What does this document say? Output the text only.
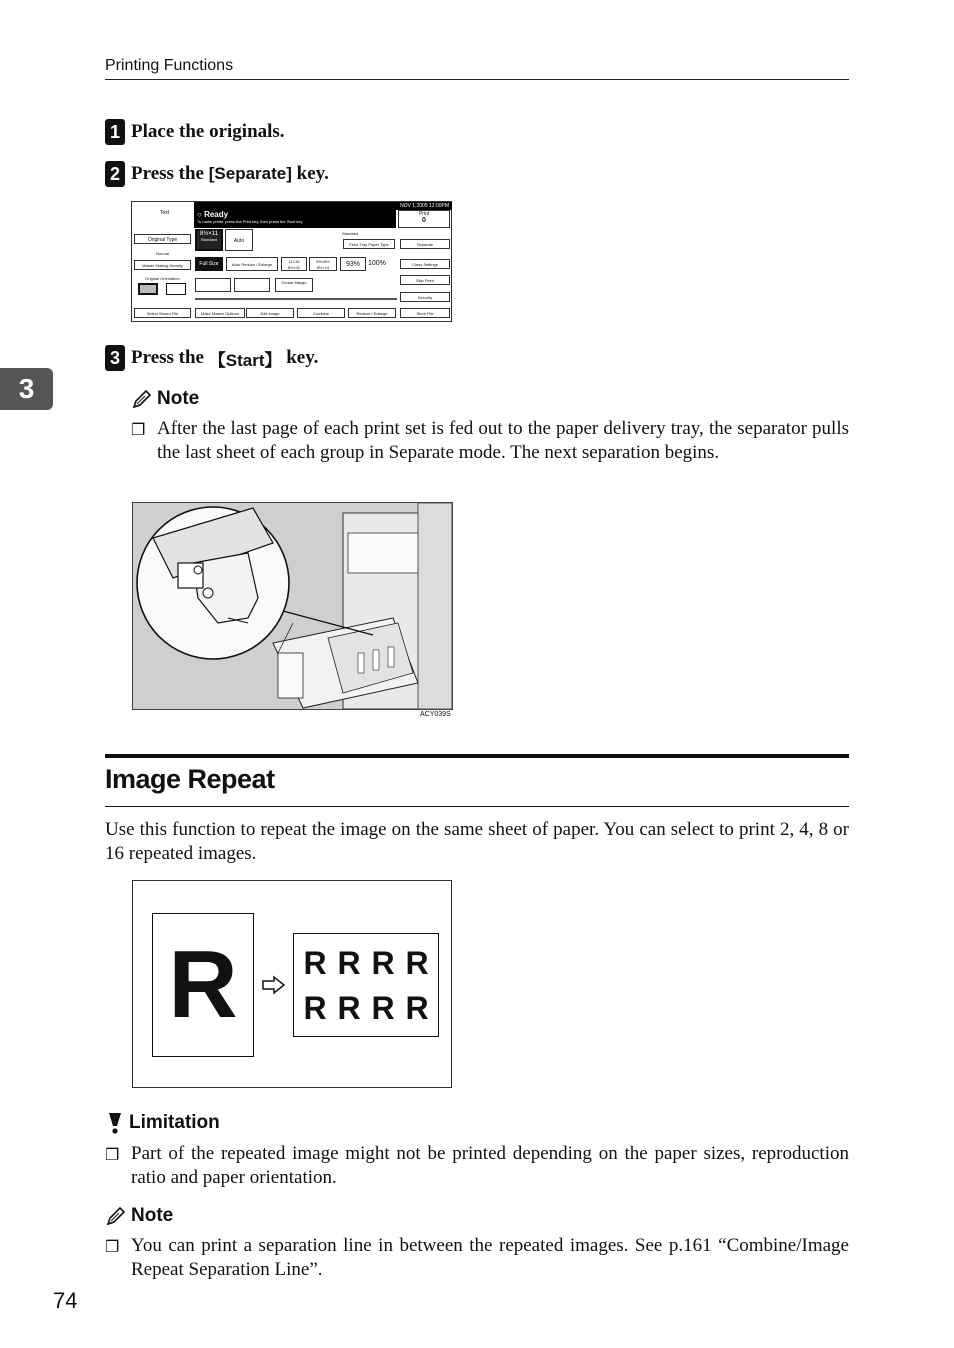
Printing Functions
3
1 Place the originals.
2 Press the [Separate] key.
NOV 1,2005 12:00PM
Text	○ Ready
To make prints, press the Print key, then press the Start key.
Print
0
Original Type
Normal
Master Making Density
Original Orientation
Select Stored File
8½×11
Standard	Auto
Standard
Feed Tray Paper Type
Full Size	Auto Reduce / Enlarge
11×15 8½×11
5½×8½ 8½×14	93%	100%
Create Margin
Make Master Options	Edit Image	Combine	Reduce / Enlarge
Separate
Class Settings
Skip Feed
Security
Store File
3 Press the 【Start】 key.
Note
❐ After the last page of each print set is fed out to the paper delivery tray, the separator pulls the last sheet of each group in Separate mode. The next separation begins.
ACY039S
Image Repeat
Use this function to repeat the image on the same sheet of paper. You can select to print 2, 4, 8 or 16 repeated images.
R R R R R
R R R R
Limitation
❐ Part of the repeated image might not be printed depending on the paper sizes, reproduction ratio and paper orientation.
Note
❐ You can print a separation line in between the repeated images. See p.161 “Combine/Image Repeat Separation Line”.
74
